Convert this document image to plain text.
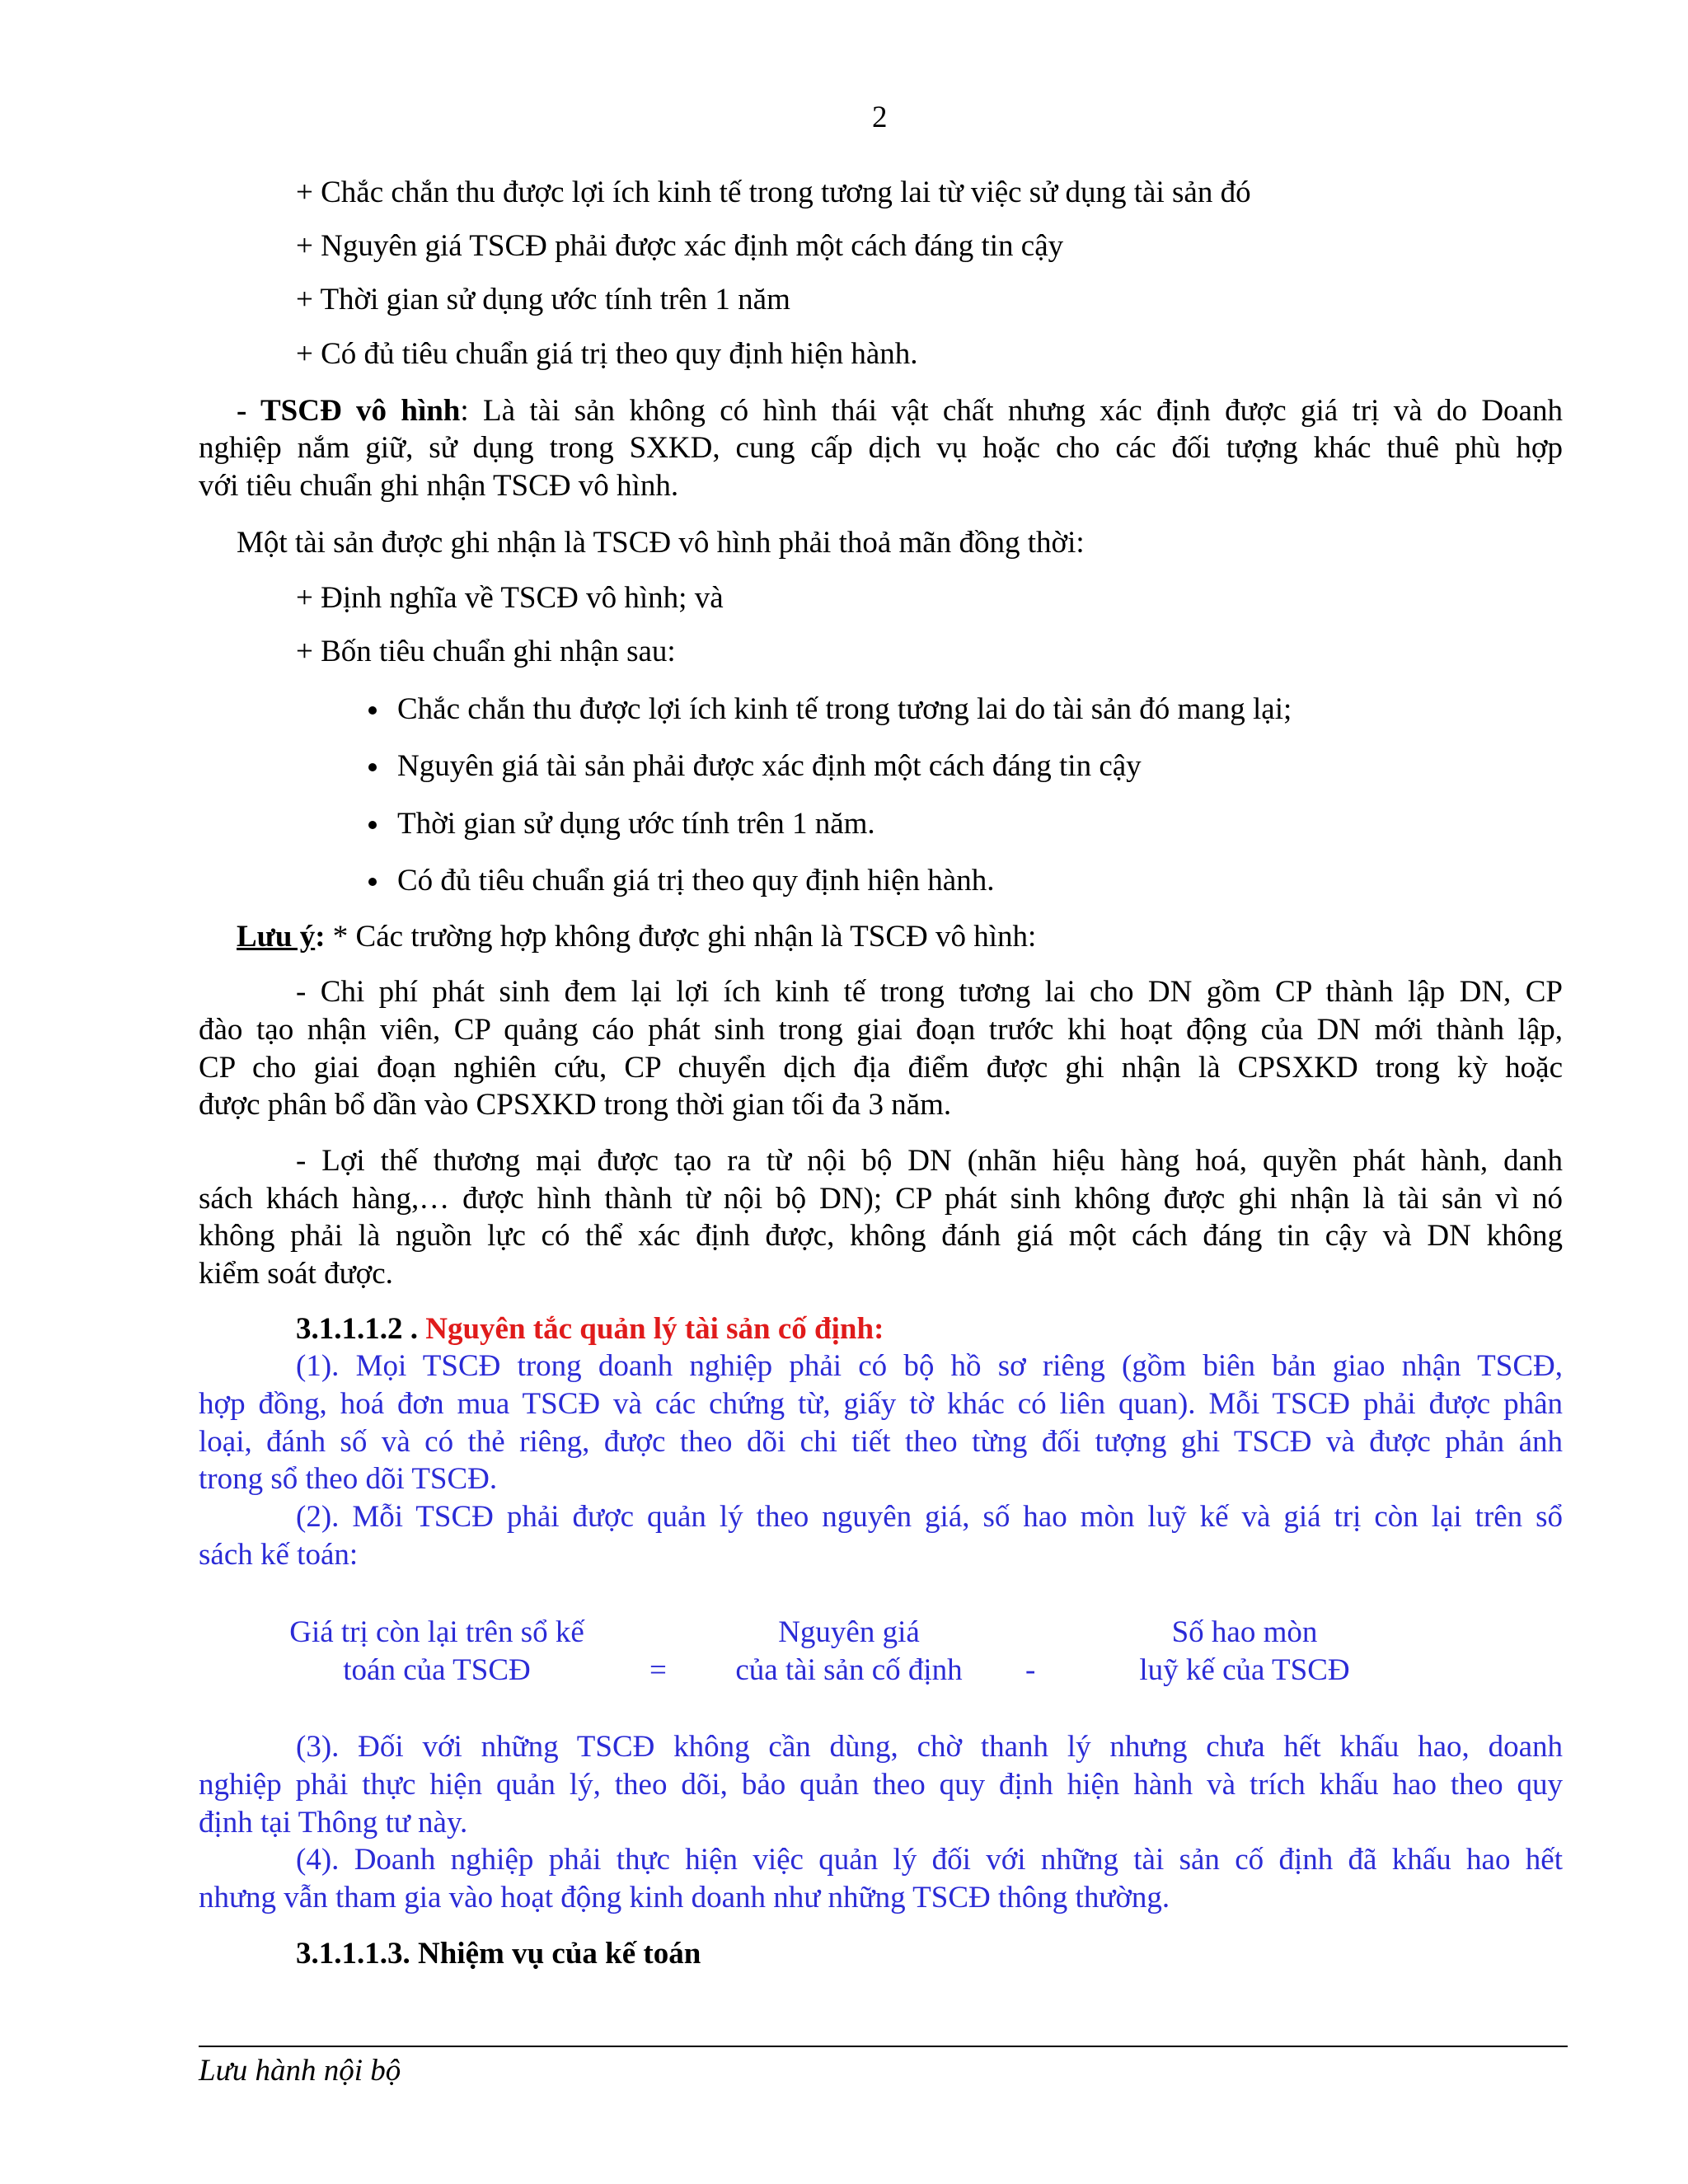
2
+ Chắc chắn thu được lợi ích kinh tế trong tương lai từ việc sử dụng tài sản đó
+ Nguyên giá TSCĐ phải được xác định một cách đáng tin cậy
+ Thời gian sử dụng ước tính trên 1 năm
+ Có đủ tiêu chuẩn giá trị theo quy định hiện hành.
- TSCĐ vô hình: Là tài sản không có hình thái vật chất nhưng xác định được giá trị và do Doanh
nghiệp nắm giữ, sử dụng trong SXKD, cung cấp dịch vụ hoặc cho các đối tượng khác thuê phù hợp
với tiêu chuẩn ghi nhận TSCĐ vô hình.
Một tài sản được ghi nhận là TSCĐ vô hình phải thoả mãn đồng thời:
+ Định nghĩa về TSCĐ vô hình; và
+ Bốn tiêu chuẩn ghi nhận sau:
Chắc chắn thu được lợi ích kinh tế trong tương lai do tài sản đó mang lại;
Nguyên giá tài sản phải được xác định một cách đáng tin cậy
Thời gian sử dụng ước tính trên 1 năm.
Có đủ tiêu chuẩn giá trị theo quy định hiện hành.
Lưu ý: * Các trường hợp không được ghi nhận là TSCĐ vô hình:
- Chi phí phát sinh đem lại lợi ích kinh tế trong tương lai cho DN gồm CP thành lập DN, CP
đào tạo nhận viên, CP quảng cáo phát sinh trong giai đoạn trước khi hoạt động của DN mới thành lập,
CP cho giai đoạn nghiên cứu, CP chuyển dịch địa điểm được ghi nhận là CPSXKD trong kỳ hoặc
được phân bổ dần vào CPSXKD trong thời gian tối đa 3 năm.
- Lợi thế thương mại được tạo ra từ nội bộ DN (nhãn hiệu hàng hoá, quyền phát hành, danh
sách khách hàng,… được hình thành từ nội bộ DN); CP phát sinh không được ghi nhận là tài sản vì nó
không phải là nguồn lực có thể xác định được, không đánh giá một cách đáng tin cậy và DN không
kiểm soát được.
3.1.1.1.2 . Nguyên tắc quản lý tài sản cố định:
(1). Mọi TSCĐ trong doanh nghiệp phải có bộ hồ sơ riêng (gồm biên bản giao nhận TSCĐ,
hợp đồng, hoá đơn mua TSCĐ và các chứng từ, giấy tờ khác có liên quan). Mỗi TSCĐ phải được phân
loại, đánh số và có thẻ riêng, được theo dõi chi tiết theo từng đối tượng ghi TSCĐ và được phản ánh
trong sổ theo dõi TSCĐ.
(2). Mỗi TSCĐ phải được quản lý theo nguyên giá, số hao mòn luỹ kế và giá trị còn lại trên sổ
sách kế toán:
Giá trị còn lại trên sổ kế
toán của TSCĐ	=
Nguyên giá
của tài sản cố định	-
Số hao mòn
luỹ kế của TSCĐ
(3). Đối với những TSCĐ không cần dùng, chờ thanh lý nhưng chưa hết khấu hao, doanh
nghiệp phải thực hiện quản lý, theo dõi, bảo quản theo quy định hiện hành và trích khấu hao theo quy
định tại Thông tư này.
(4). Doanh nghiệp phải thực hiện việc quản lý đối với những tài sản cố định đã khấu hao hết
nhưng vẫn tham gia vào hoạt động kinh doanh như những TSCĐ thông thường.
3.1.1.1.3. Nhiệm vụ của kế toán
Lưu hành nội bộ
